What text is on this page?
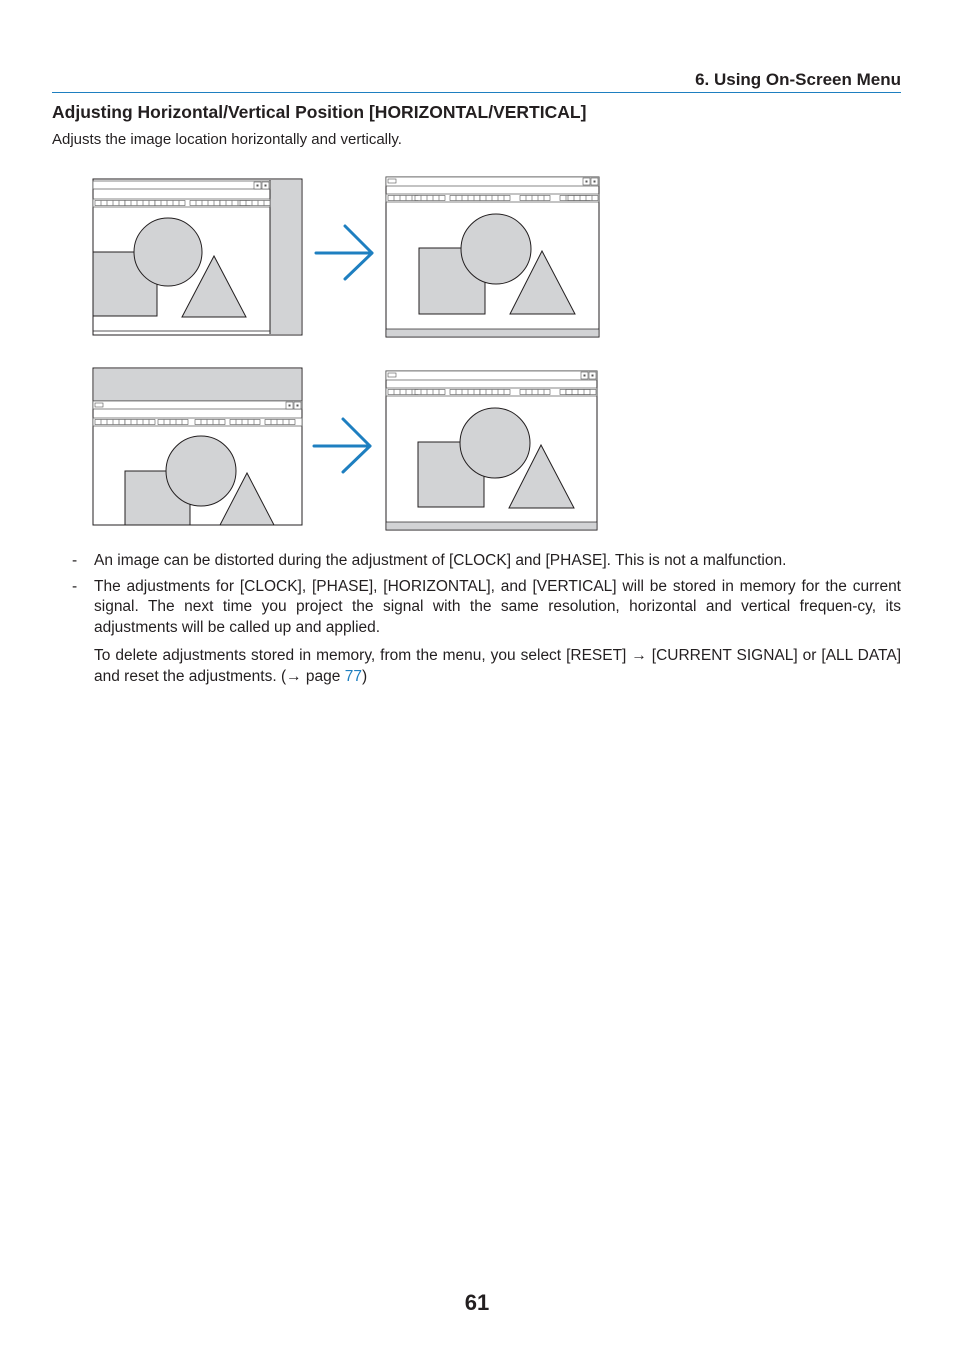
6. Using On-Screen Menu
Adjusting Horizontal/Vertical Position [HORIZONTAL/VERTICAL]

Adjusts the image location horizontally and vertically.

- An image can be distorted during the adjustment of [CLOCK] and [PHASE]. This is not a malfunction.
- The adjustments for [CLOCK], [PHASE], [HORIZONTAL], and [VERTICAL] will be stored in memory for the current signal. The next time you project the signal with the same resolution, horizontal and vertical frequen-cy, its adjustments will be called up and applied.
To delete adjustments stored in memory, from the menu, you select [RESET] → [CURRENT SIGNAL] or [ALL DATA] and reset the adjustments. (→ page 77)
61
